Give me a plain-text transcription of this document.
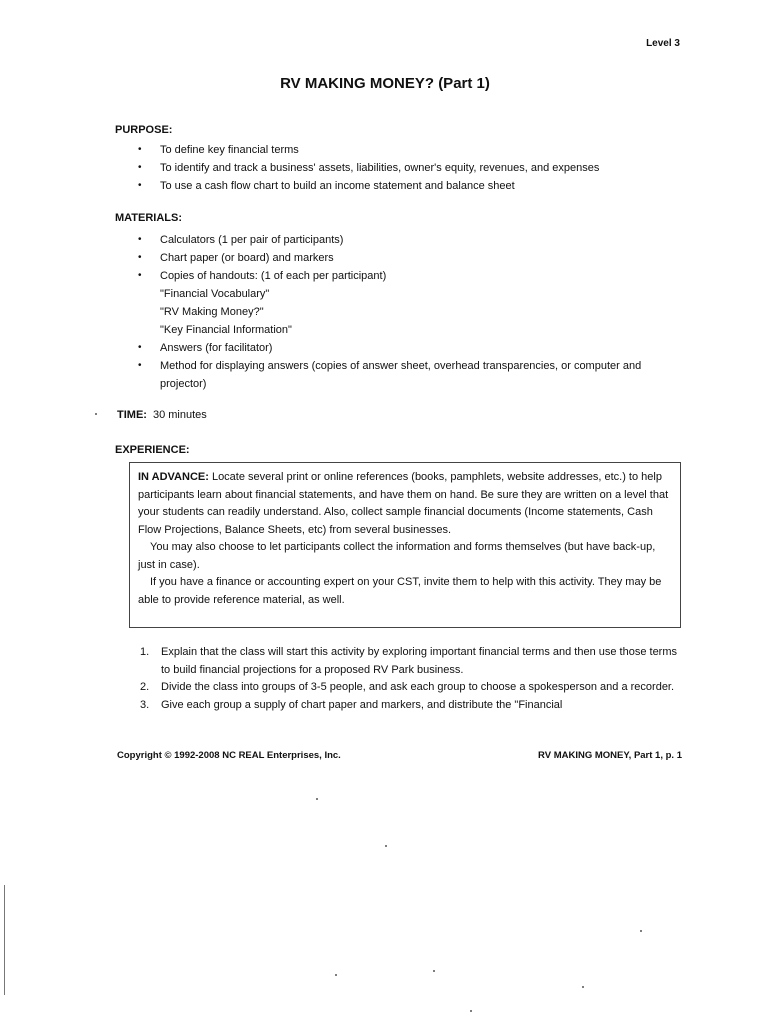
Level 3
RV MAKING MONEY? (Part 1)
PURPOSE:
• To define key financial terms
• To identify and track a business' assets, liabilities, owner's equity, revenues, and expenses
• To use a cash flow chart to build an income statement and balance sheet
MATERIALS:
• Calculators (1 per pair of participants)
• Chart paper (or board) and markers
• Copies of handouts: (1 of each per participant)
"Financial Vocabulary"
"RV Making Money?"
"Key Financial Information"
• Answers (for facilitator)
• Method for displaying answers (copies of answer sheet, overhead transparencies, or computer and projector)
TIME: 30 minutes
EXPERIENCE:

IN ADVANCE: Locate several print or online references (books, pamphlets, website addresses, etc.) to help participants learn about financial statements, and have them on hand. Be sure they are written on a level that your students can readily understand. Also, collect sample financial documents (Income statements, Cash Flow Projections, Balance Sheets, etc) from several businesses.

You may also choose to let participants collect the information and forms themselves (but have back-up, just in case).

If you have a finance or accounting expert on your CST, invite them to help with this activity. They may be able to provide reference material, as well.

1. Explain that the class will start this activity by exploring important financial terms and then use those terms to build financial projections for a proposed RV Park business.
2. Divide the class into groups of 3-5 people, and ask each group to choose a spokesperson and a recorder.
3. Give each group a supply of chart paper and markers, and distribute the "Financial
Copyright © 1992-2008 NC REAL Enterprises, Inc.	RV MAKING MONEY, Part 1, p. 1
